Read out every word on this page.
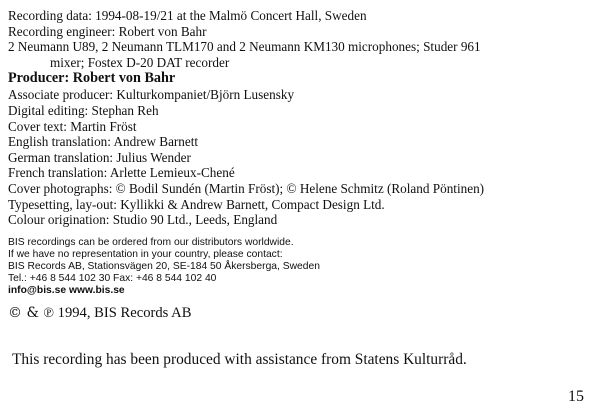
Recording data: 1994-08-19/21 at the Malmö Concert Hall, Sweden
Recording engineer: Robert von Bahr
2 Neumann U89, 2 Neumann TLM170 and 2 Neumann KM130 microphones; Studer 961
mixer; Fostex D-20 DAT recorder
Producer: Robert von Bahr
Associate producer: Kulturkompaniet/Björn Lusensky
Digital editing: Stephan Reh
Cover text: Martin Fröst
English translation: Andrew Barnett
German translation: Julius Wender
French translation: Arlette Lemieux-Chené
Cover photographs: © Bodil Sundén (Martin Fröst); © Helene Schmitz (Roland Pöntinen)
Typesetting, lay-out: Kyllikki & Andrew Barnett, Compact Design Ltd.
Colour origination: Studio 90 Ltd., Leeds, England
BIS recordings can be ordered from our distributors worldwide.
If we have no representation in your country, please contact:
BIS Records AB, Stationsvägen 20, SE-184 50 Åkersberga, Sweden
Tel.: +46 8 544 102 30 Fax: +46 8 544 102 40
info@bis.se www.bis.se
© & ℗ 1994, BIS Records AB
This recording has been produced with assistance from Statens Kulturråd.
15
